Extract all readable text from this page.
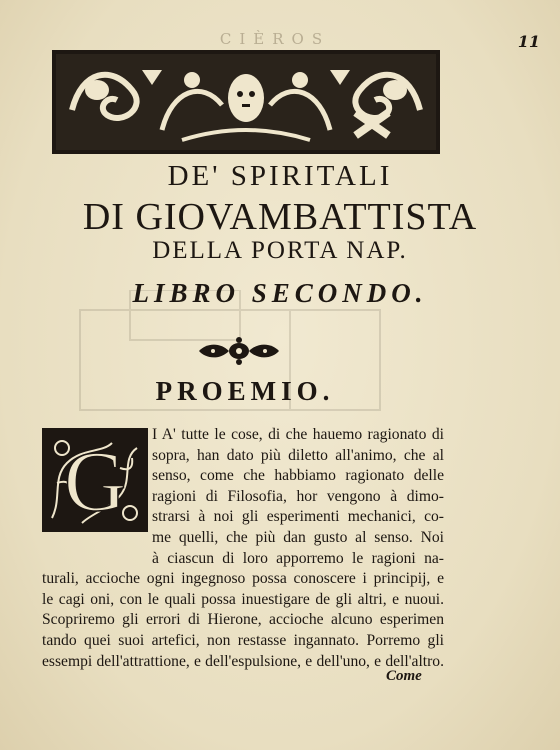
CIÈROS	11
DE' SPIRITALI
DI GIOVAMBATTISTA
DELLA PORTA NAP.
LIBRO SECONDO.
PROEMIO.
G I A' tutte le cose, di che hauemo ragionato di
sopra, han dato più diletto all'animo, che al
senso, come che habbiamo ragionato delle
ragioni di Filosofia, hor vengono à dimo-
strarsi à noi gli esperimenti mechanici, co-
me quelli, che più dan gusto al senso. Noi
à ciascun di loro apporremo le ragioni na-
turali, accioche ogni ingegnoso possa conoscere i principij, e
le cagi oni, con le quali possa inuestigare de gli altri, e nuoui.
Scopriremo gli errori di Hierone, accioche alcuno esperimen
tando quei suoi artefici, non restasse ingannato. Porremo gli
essempi dell'attrattione, e dell'espulsione, e dell'uno, e dell'altro.
Come
